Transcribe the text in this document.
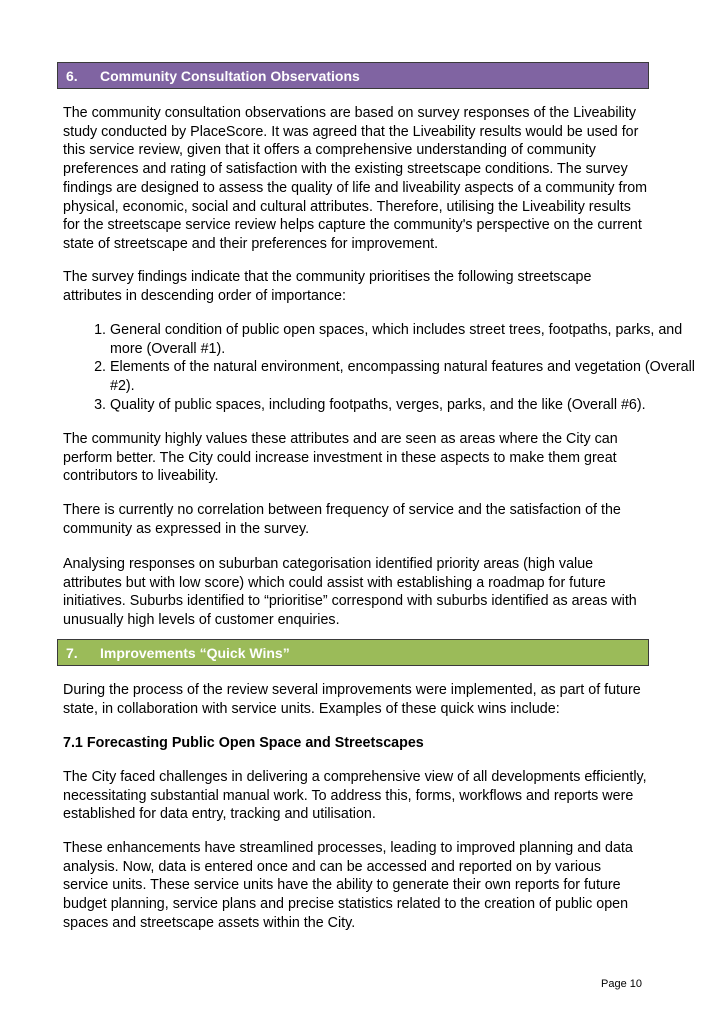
6.	Community Consultation Observations

The community consultation observations are based on survey responses of the Liveability study conducted by PlaceScore. It was agreed that the Liveability results would be used for this service review, given that it offers a comprehensive understanding of community preferences and rating of satisfaction with the existing streetscape conditions. The survey findings are designed to assess the quality of life and liveability aspects of a community from physical, economic, social and cultural attributes. Therefore, utilising the Liveability results for the streetscape service review helps capture the community's perspective on the current state of streetscape and their preferences for improvement.

The survey findings indicate that the community prioritises the following streetscape attributes in descending order of importance:

1. General condition of public open spaces, which includes street trees, footpaths, parks, and more (Overall #1).
2. Elements of the natural environment, encompassing natural features and vegetation (Overall #2).
3. Quality of public spaces, including footpaths, verges, parks, and the like (Overall #6).

The community highly values these attributes and are seen as areas where the City can perform better. The City could increase investment in these aspects to make them great contributors to liveability.

There is currently no correlation between frequency of service and the satisfaction of the community as expressed in the survey.

Analysing responses on suburban categorisation identified priority areas (high value attributes but with low score) which could assist with establishing a roadmap for future initiatives. Suburbs identified to “prioritise” correspond with suburbs identified as areas with unusually high levels of customer enquiries.

7.	Improvements “Quick Wins”

During the process of the review several improvements were implemented, as part of future state, in collaboration with service units. Examples of these quick wins include:

7.1 Forecasting Public Open Space and Streetscapes

The City faced challenges in delivering a comprehensive view of all developments efficiently, necessitating substantial manual work. To address this, forms, workflows and reports were established for data entry, tracking and utilisation.

These enhancements have streamlined processes, leading to improved planning and data analysis. Now, data is entered once and can be accessed and reported on by various service units. These service units have the ability to generate their own reports for future budget planning, service plans and precise statistics related to the creation of public open spaces and streetscape assets within the City.

Page 10
